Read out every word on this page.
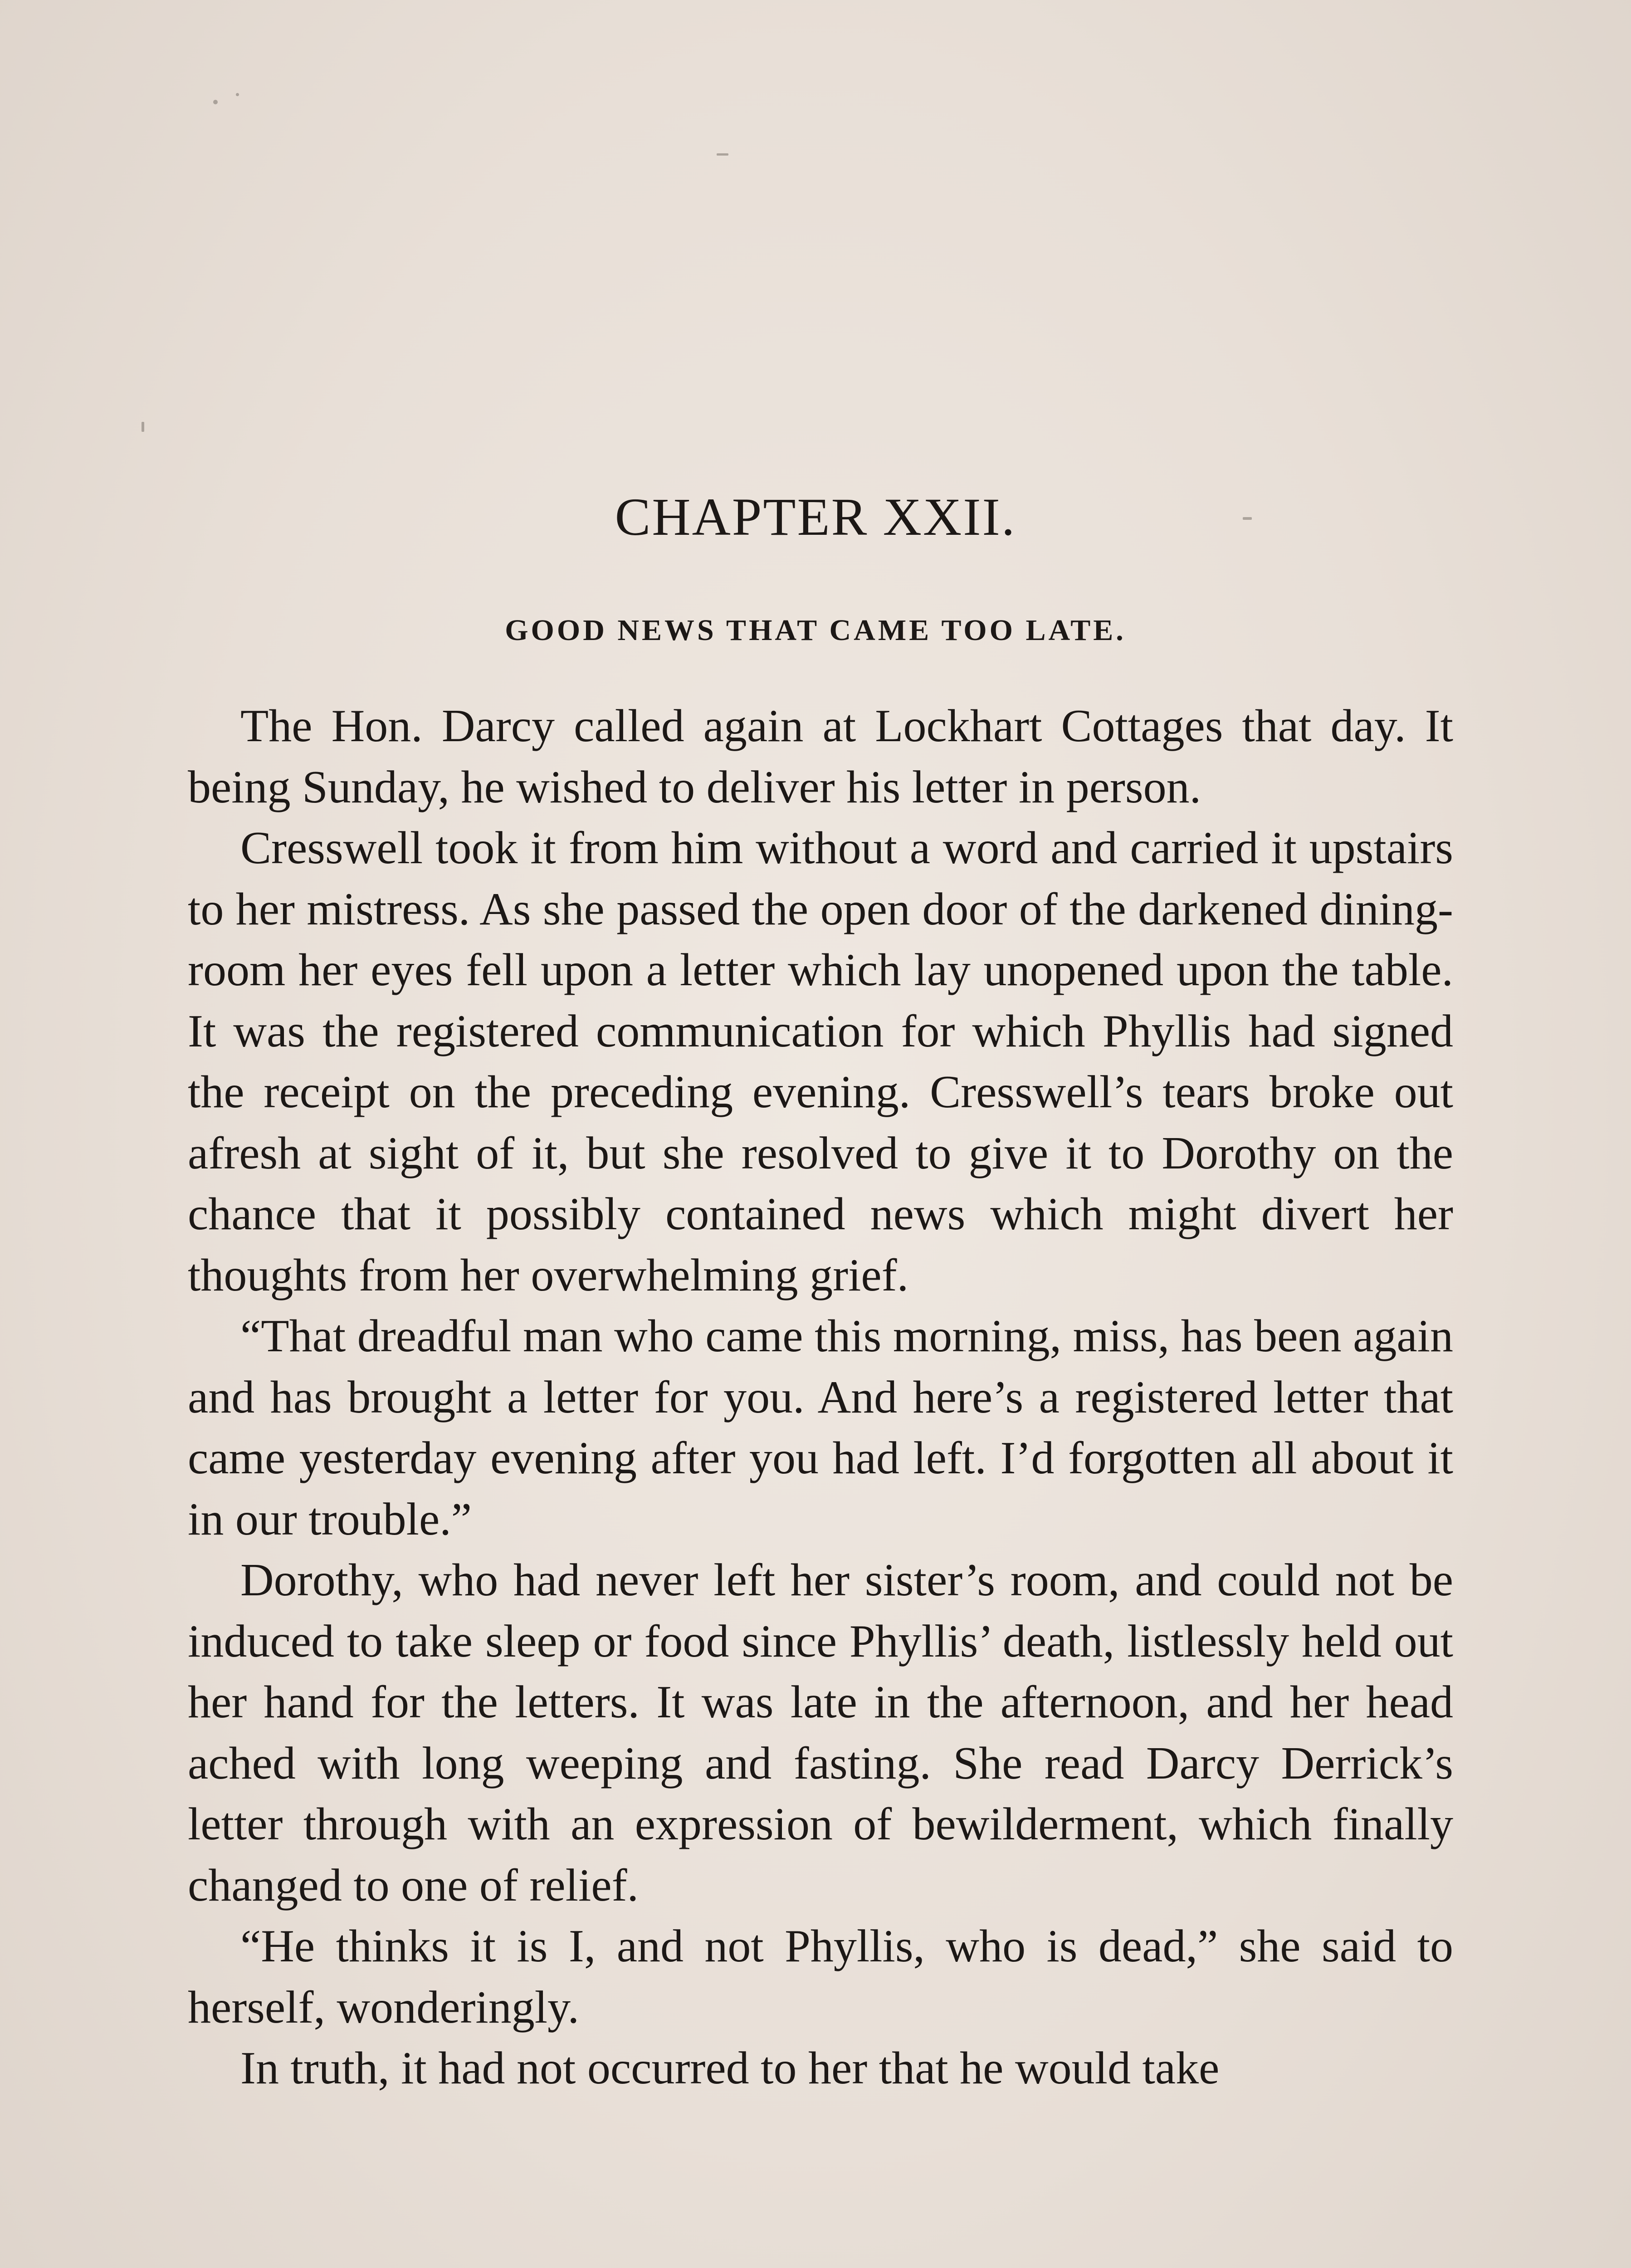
CHAPTER XXII.
GOOD NEWS THAT CAME TOO LATE.

The Hon. Darcy called again at Lockhart Cottages that day. It being Sunday, he wished to deliver his letter in person.

Cresswell took it from him without a word and carried it upstairs to her mistress. As she passed the open door of the darkened dining-room her eyes fell upon a letter which lay unopened upon the table. It was the registered communication for which Phyllis had signed the receipt on the preceding evening. Cresswell’s tears broke out afresh at sight of it, but she resolved to give it to Dorothy on the chance that it possibly contained news which might divert her thoughts from her overwhelming grief.

“That dreadful man who came this morning, miss, has been again and has brought a letter for you. And here’s a registered letter that came yesterday evening after you had left. I’d forgotten all about it in our trouble.”

Dorothy, who had never left her sister’s room, and could not be induced to take sleep or food since Phyllis’ death, listlessly held out her hand for the letters. It was late in the afternoon, and her head ached with long weeping and fasting. She read Darcy Derrick’s letter through with an expression of bewilderment, which finally changed to one of relief.

“He thinks it is I, and not Phyllis, who is dead,” she said to herself, wonderingly.

In truth, it had not occurred to her that he would take
